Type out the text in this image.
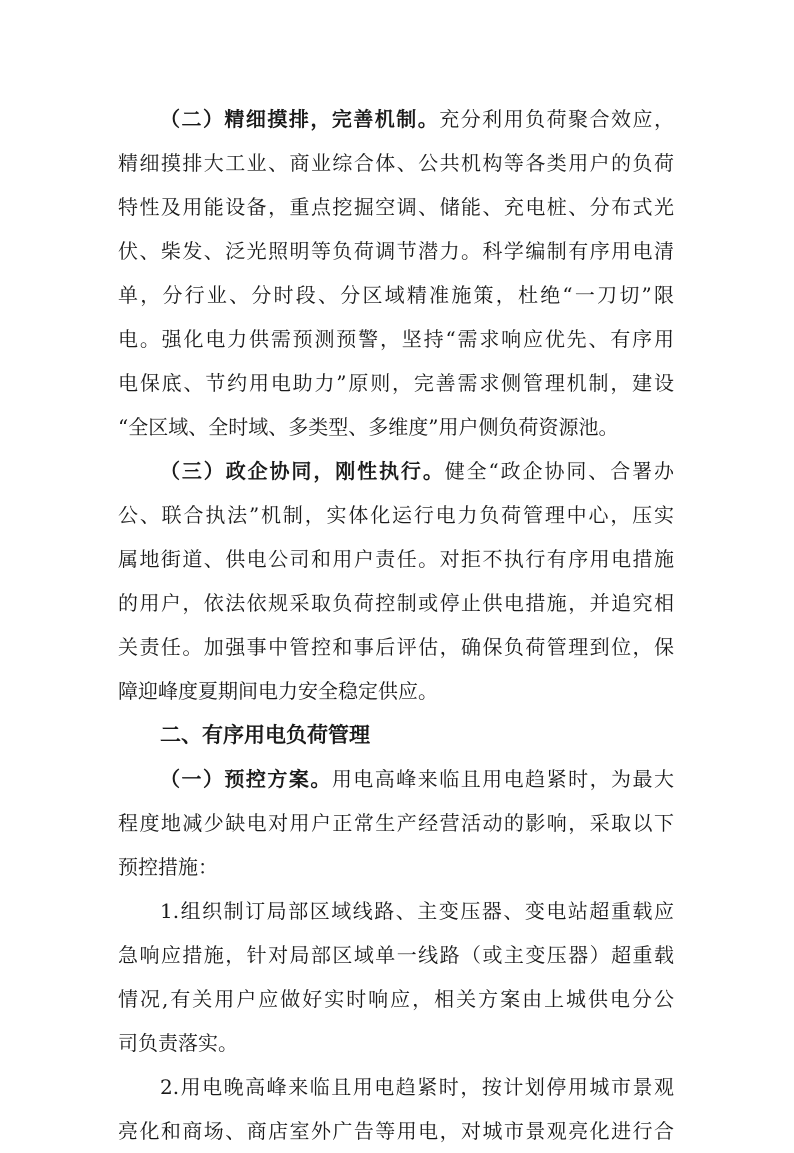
（二）精细摸排，完善机制。充分利用负荷聚合效应，
精细摸排大工业、商业综合体、公共机构等各类用户的负荷
特性及用能设备，重点挖掘空调、储能、充电桩、分布式光
伏、柴发、泛光照明等负荷调节潜力。科学编制有序用电清
单，分行业、分时段、分区域精准施策，杜绝“一刀切”限
电。强化电力供需预测预警，坚持“需求响应优先、有序用
电保底、节约用电助力”原则，完善需求侧管理机制，建设
“全区域、全时域、多类型、多维度”用户侧负荷资源池。
（三）政企协同，刚性执行。健全“政企协同、合署办
公、联合执法”机制，实体化运行电力负荷管理中心，压实
属地街道、供电公司和用户责任。对拒不执行有序用电措施
的用户，依法依规采取负荷控制或停止供电措施，并追究相
关责任。加强事中管控和事后评估，确保负荷管理到位，保
障迎峰度夏期间电力安全稳定供应。
二、有序用电负荷管理
（一）预控方案。用电高峰来临且用电趋紧时，为最大
程度地减少缺电对用户正常生产经营活动的影响，采取以下
预控措施：
1.组织制订局部区域线路、主变压器、变电站超重载应
急响应措施，针对局部区域单一线路（或主变压器）超重载
情况,有关用户应做好实时响应，相关方案由上城供电分公
司负责落实。
2.用电晚高峰来临且用电趋紧时，按计划停用城市景观
亮化和商场、商店室外广告等用电，对城市景观亮化进行合
